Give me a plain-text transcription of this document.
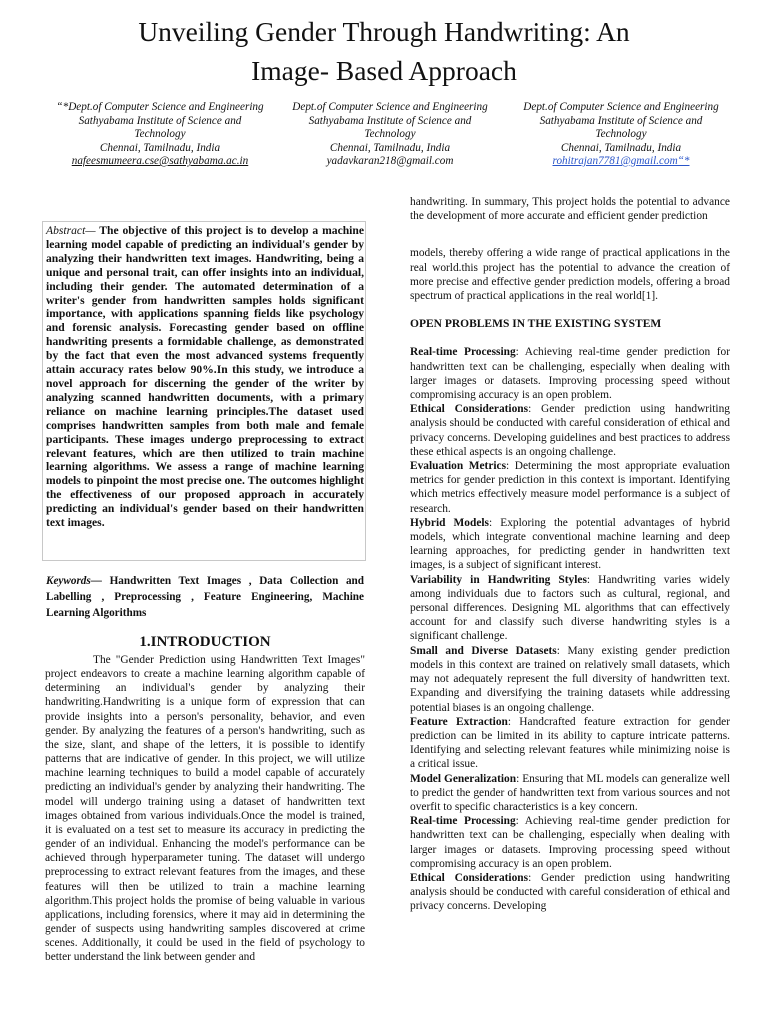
Unveiling Gender Through Handwriting: An
Image- Based Approach
“*Dept.of Computer Science and Engineering
Sathyabama Institute of Science and
Technology
Chennai, Tamilnadu, India
nafeesmumeera.cse@sathyabama.ac.in
Dept.of Computer Science and Engineering
Sathyabama Institute of Science and
Technology
Chennai, Tamilnadu, India
yadavkaran218@gmail.com
Dept.of Computer Science and Engineering
Sathyabama Institute of Science and
Technology
Chennai, Tamilnadu, India
rohitrajan7781@gmail.com“*
Abstract— The objective of this project is to develop a machine learning model capable of predicting an individual's gender by analyzing their handwritten text images. Handwriting, being a unique and personal trait, can offer insights into an individual, including their gender. The automated determination of a writer's gender from handwritten samples holds significant importance, with applications spanning fields like psychology and forensic analysis. Forecasting gender based on offline handwriting presents a formidable challenge, as demonstrated by the fact that even the most advanced systems frequently attain accuracy rates below 90%.In this study, we introduce a novel approach for discerning the gender of the writer by analyzing scanned handwritten documents, with a primary reliance on machine learning principles.The dataset used comprises handwritten samples from both male and female participants. These images undergo preprocessing to extract relevant features, which are then utilized to train machine learning algorithms. We assess a range of machine learning models to pinpoint the most precise one. The outcomes highlight the effectiveness of our proposed approach in accurately predicting an individual's gender based on their handwritten text images.
Keywords— Handwritten Text Images , Data Collection and Labelling , Preprocessing , Feature Engineering, Machine Learning Algorithms
1.INTRODUCTION
The "Gender Prediction using Handwritten Text Images" project endeavors to create a machine learning algorithm capable of determining an individual's gender by analyzing their handwriting.Handwriting is a unique form of expression that can provide insights into a person's personality, behavior, and even gender. By analyzing the features of a person's handwriting, such as the size, slant, and shape of the letters, it is possible to identify patterns that are indicative of gender. In this project, we will utilize machine learning techniques to build a model capable of accurately predicting an individual's gender by analyzing their handwriting. The model will undergo training using a dataset of handwritten text images obtained from various individuals.Once the model is trained, it is evaluated on a test set to measure its accuracy in predicting the gender of an individual. Enhancing the model's performance can be achieved through hyperparameter tuning. The dataset will undergo preprocessing to extract relevant features from the images, and these features will then be utilized to train a machine learning algorithm.This project holds the promise of being valuable in various applications, including forensics, where it may aid in determining the gender of suspects using handwriting samples discovered at crime scenes. Additionally, it could be used in the field of psychology to better understand the link between gender and

handwriting. In summary, This project holds the potential to advance the development of more accurate and efficient gender prediction

models, thereby offering a wide range of practical applications in the real world.this project has the potential to advance the creation of more precise and effective gender prediction models, offering a broad spectrum of practical applications in the real world[1].

OPEN PROBLEMS IN THE EXISTING SYSTEM

Real-time Processing: Achieving real-time gender prediction for handwritten text can be challenging, especially when dealing with larger images or datasets. Improving processing speed without compromising accuracy is an open problem.

Ethical Considerations: Gender prediction using handwriting analysis should be conducted with careful consideration of ethical and privacy concerns. Developing guidelines and best practices to address these ethical aspects is an ongoing challenge.

Evaluation Metrics: Determining the most appropriate evaluation metrics for gender prediction in this context is important. Identifying which metrics effectively measure model performance is a subject of research.

Hybrid Models: Exploring the potential advantages of hybrid models, which integrate conventional machine learning and deep learning approaches, for predicting gender in handwritten text images, is a subject of significant interest.

Variability in Handwriting Styles: Handwriting varies widely among individuals due to factors such as cultural, regional, and personal differences. Designing ML algorithms that can effectively account for and classify such diverse handwriting styles is a significant challenge.

Small and Diverse Datasets: Many existing gender prediction models in this context are trained on relatively small datasets, which may not adequately represent the full diversity of handwritten text. Expanding and diversifying the training datasets while addressing potential biases is an ongoing challenge.

Feature Extraction: Handcrafted feature extraction for gender prediction can be limited in its ability to capture intricate patterns. Identifying and selecting relevant features while minimizing noise is a critical issue.

Model Generalization: Ensuring that ML models can generalize well to predict the gender of handwritten text from various sources and not overfit to specific characteristics is a key concern.

Real-time Processing: Achieving real-time gender prediction for handwritten text can be challenging, especially when dealing with larger images or datasets. Improving processing speed without compromising accuracy is an open problem.

Ethical Considerations: Gender prediction using handwriting analysis should be conducted with careful consideration of ethical and privacy concerns. Developing
